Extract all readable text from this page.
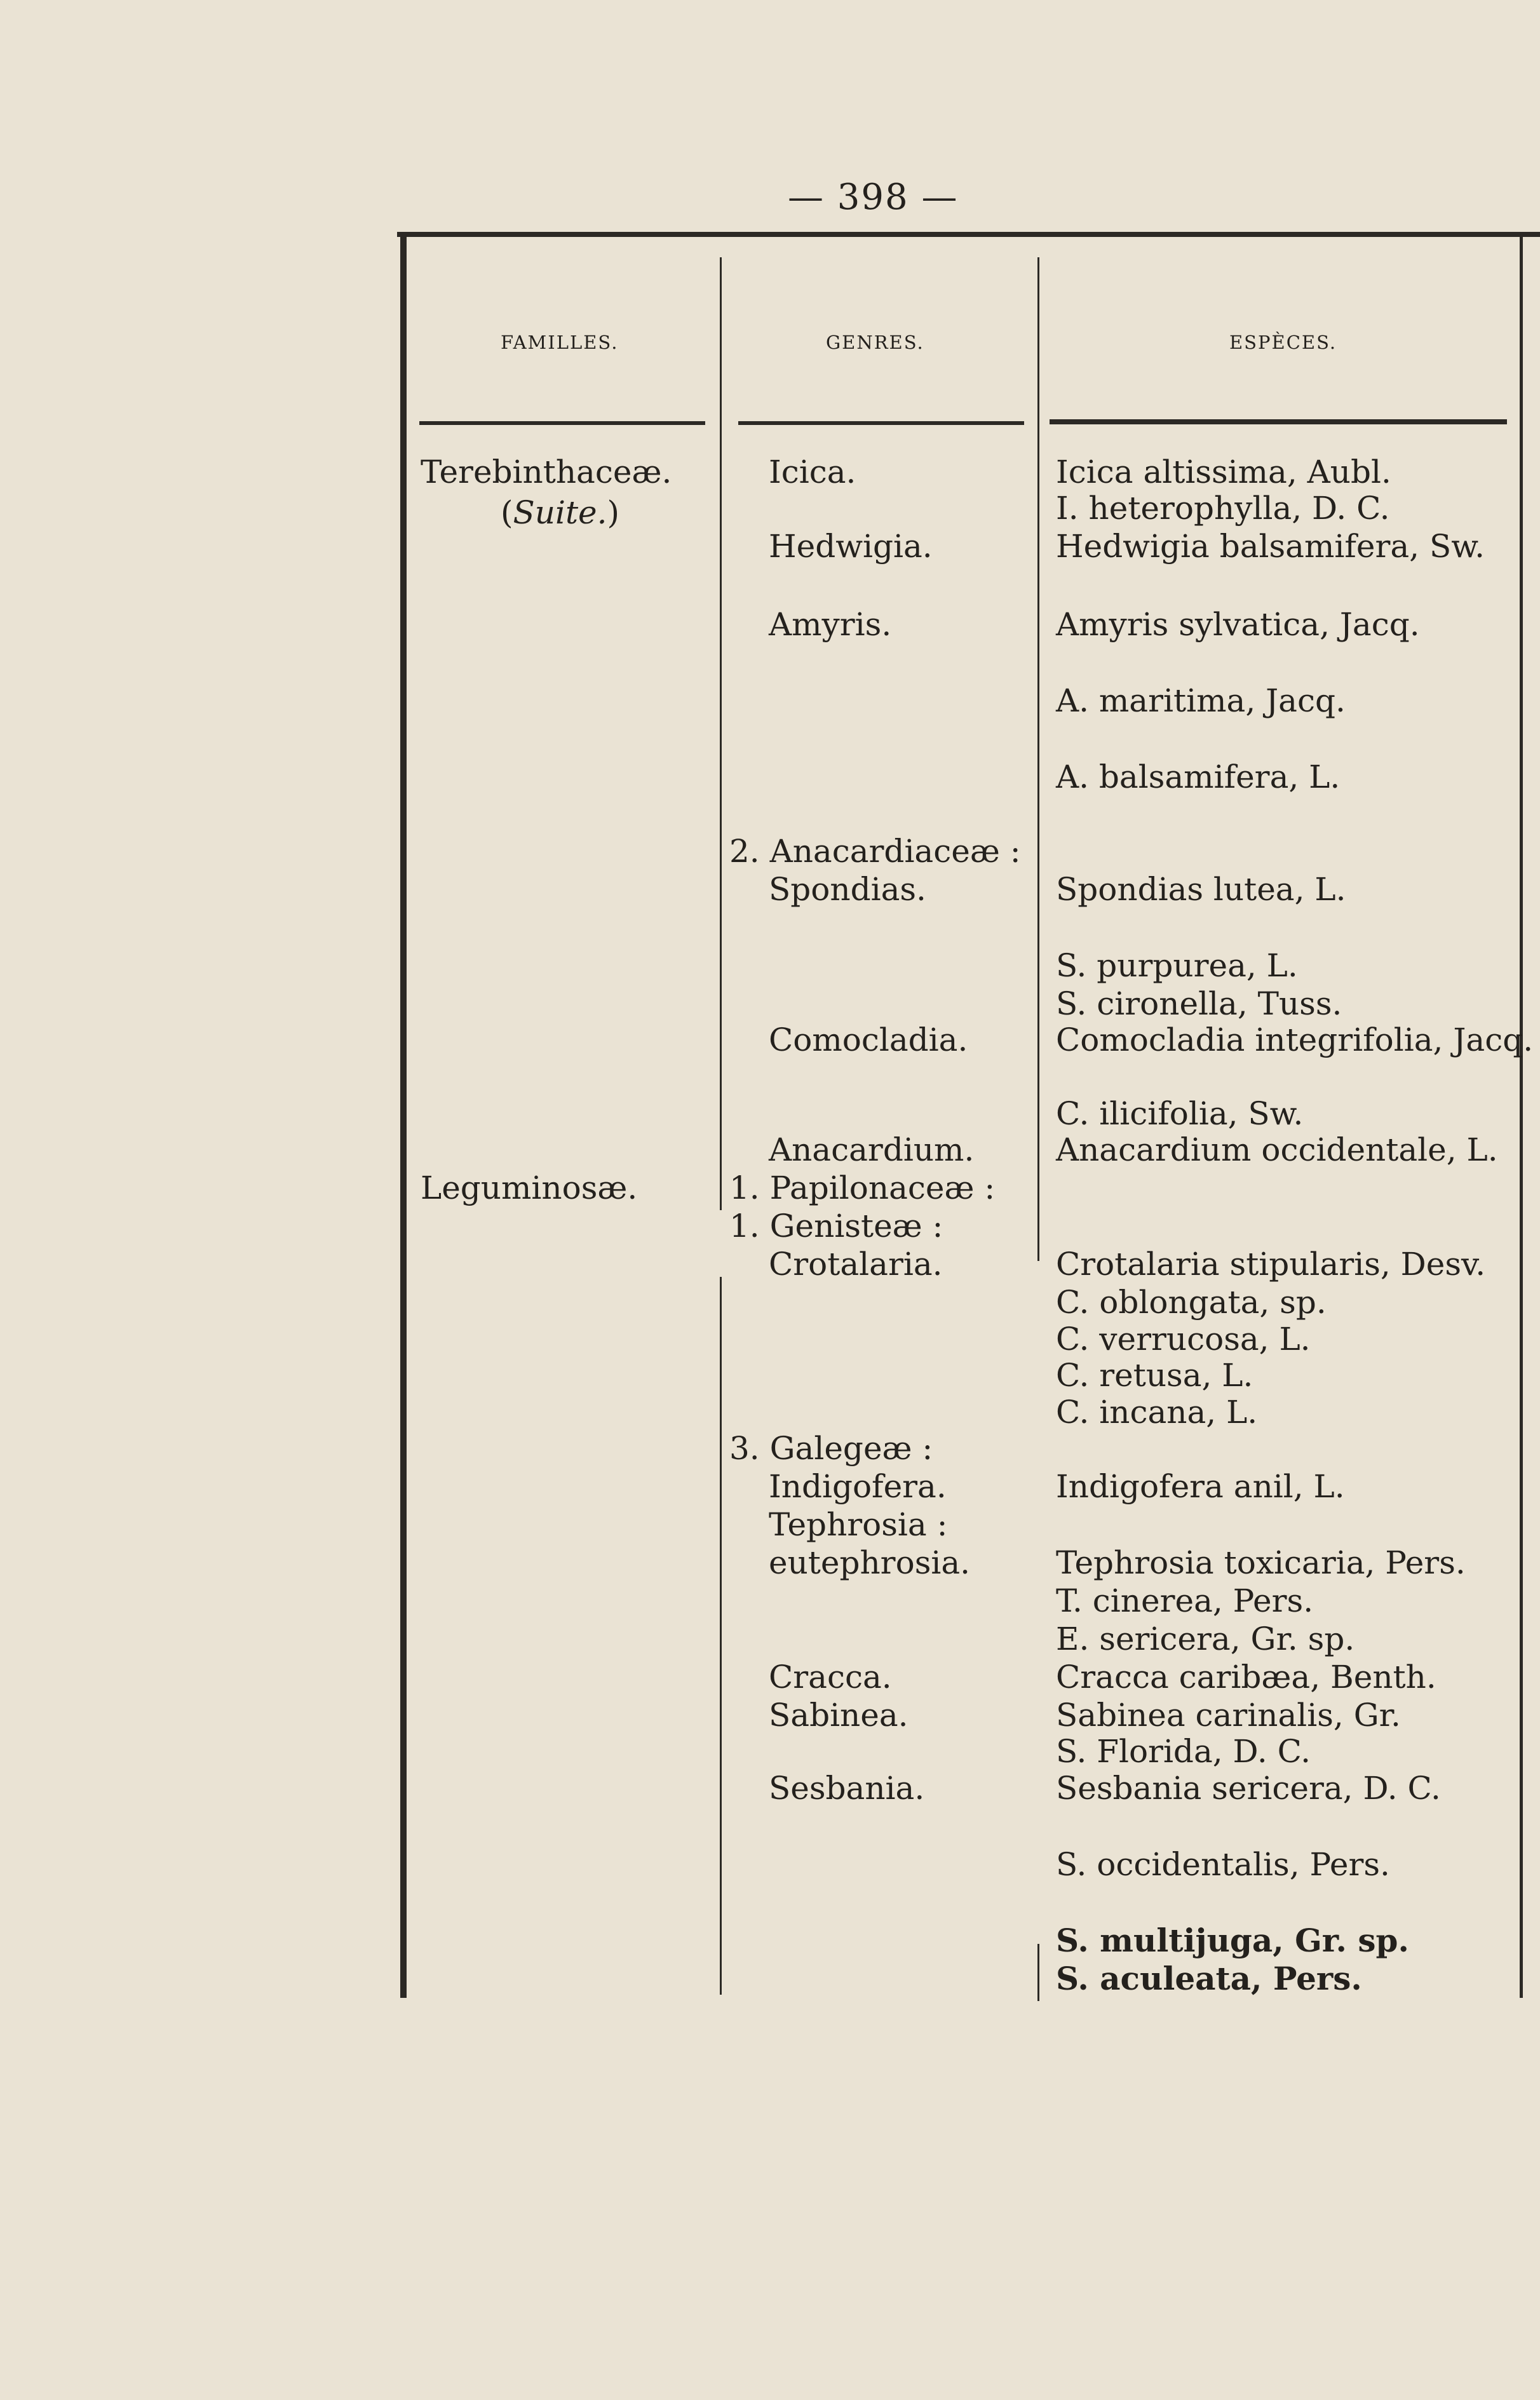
— 398 —
FAMILLES.	GENRES.	ESPÈCES.
Terebinthaceæ.
(Suite.)
Leguminosæ.
Icica.
Hedwigia.
Amyris.
2. Anacardiaceæ :
Spondias.
Comocladia.
Anacardium.
1. Papilonaceæ :
1. Genisteæ :
Crotalaria.
3. Galegeæ :
Indigofera.
Tephrosia :
eutephrosia.
Cracca.
Sabinea.
Sesbania.
Icica altissima, Aubl.
I. heterophylla, D. C.
Hedwigia balsamifera, Sw.
Amyris sylvatica, Jacq.
A. maritima, Jacq.
A. balsamifera, L.
Spondias lutea, L.
S. purpurea, L.
S. cironella, Tuss.
Comocladia integrifolia, Jacq.
C. ilicifolia, Sw.
Anacardium occidentale, L.
Crotalaria stipularis, Desv.
C. oblongata, sp.
C. verrucosa, L.
C. retusa, L.
C. incana, L.
Indigofera anil, L.
Tephrosia toxicaria, Pers.
T. cinerea, Pers.
E. sericera, Gr. sp.
Cracca caribæa, Benth.
Sabinea carinalis, Gr.
S. Florida, D. C.
Sesbania sericera, D. C.
S. occidentalis, Pers.
S. multijuga, Gr. sp.
S. aculeata, Pers.
